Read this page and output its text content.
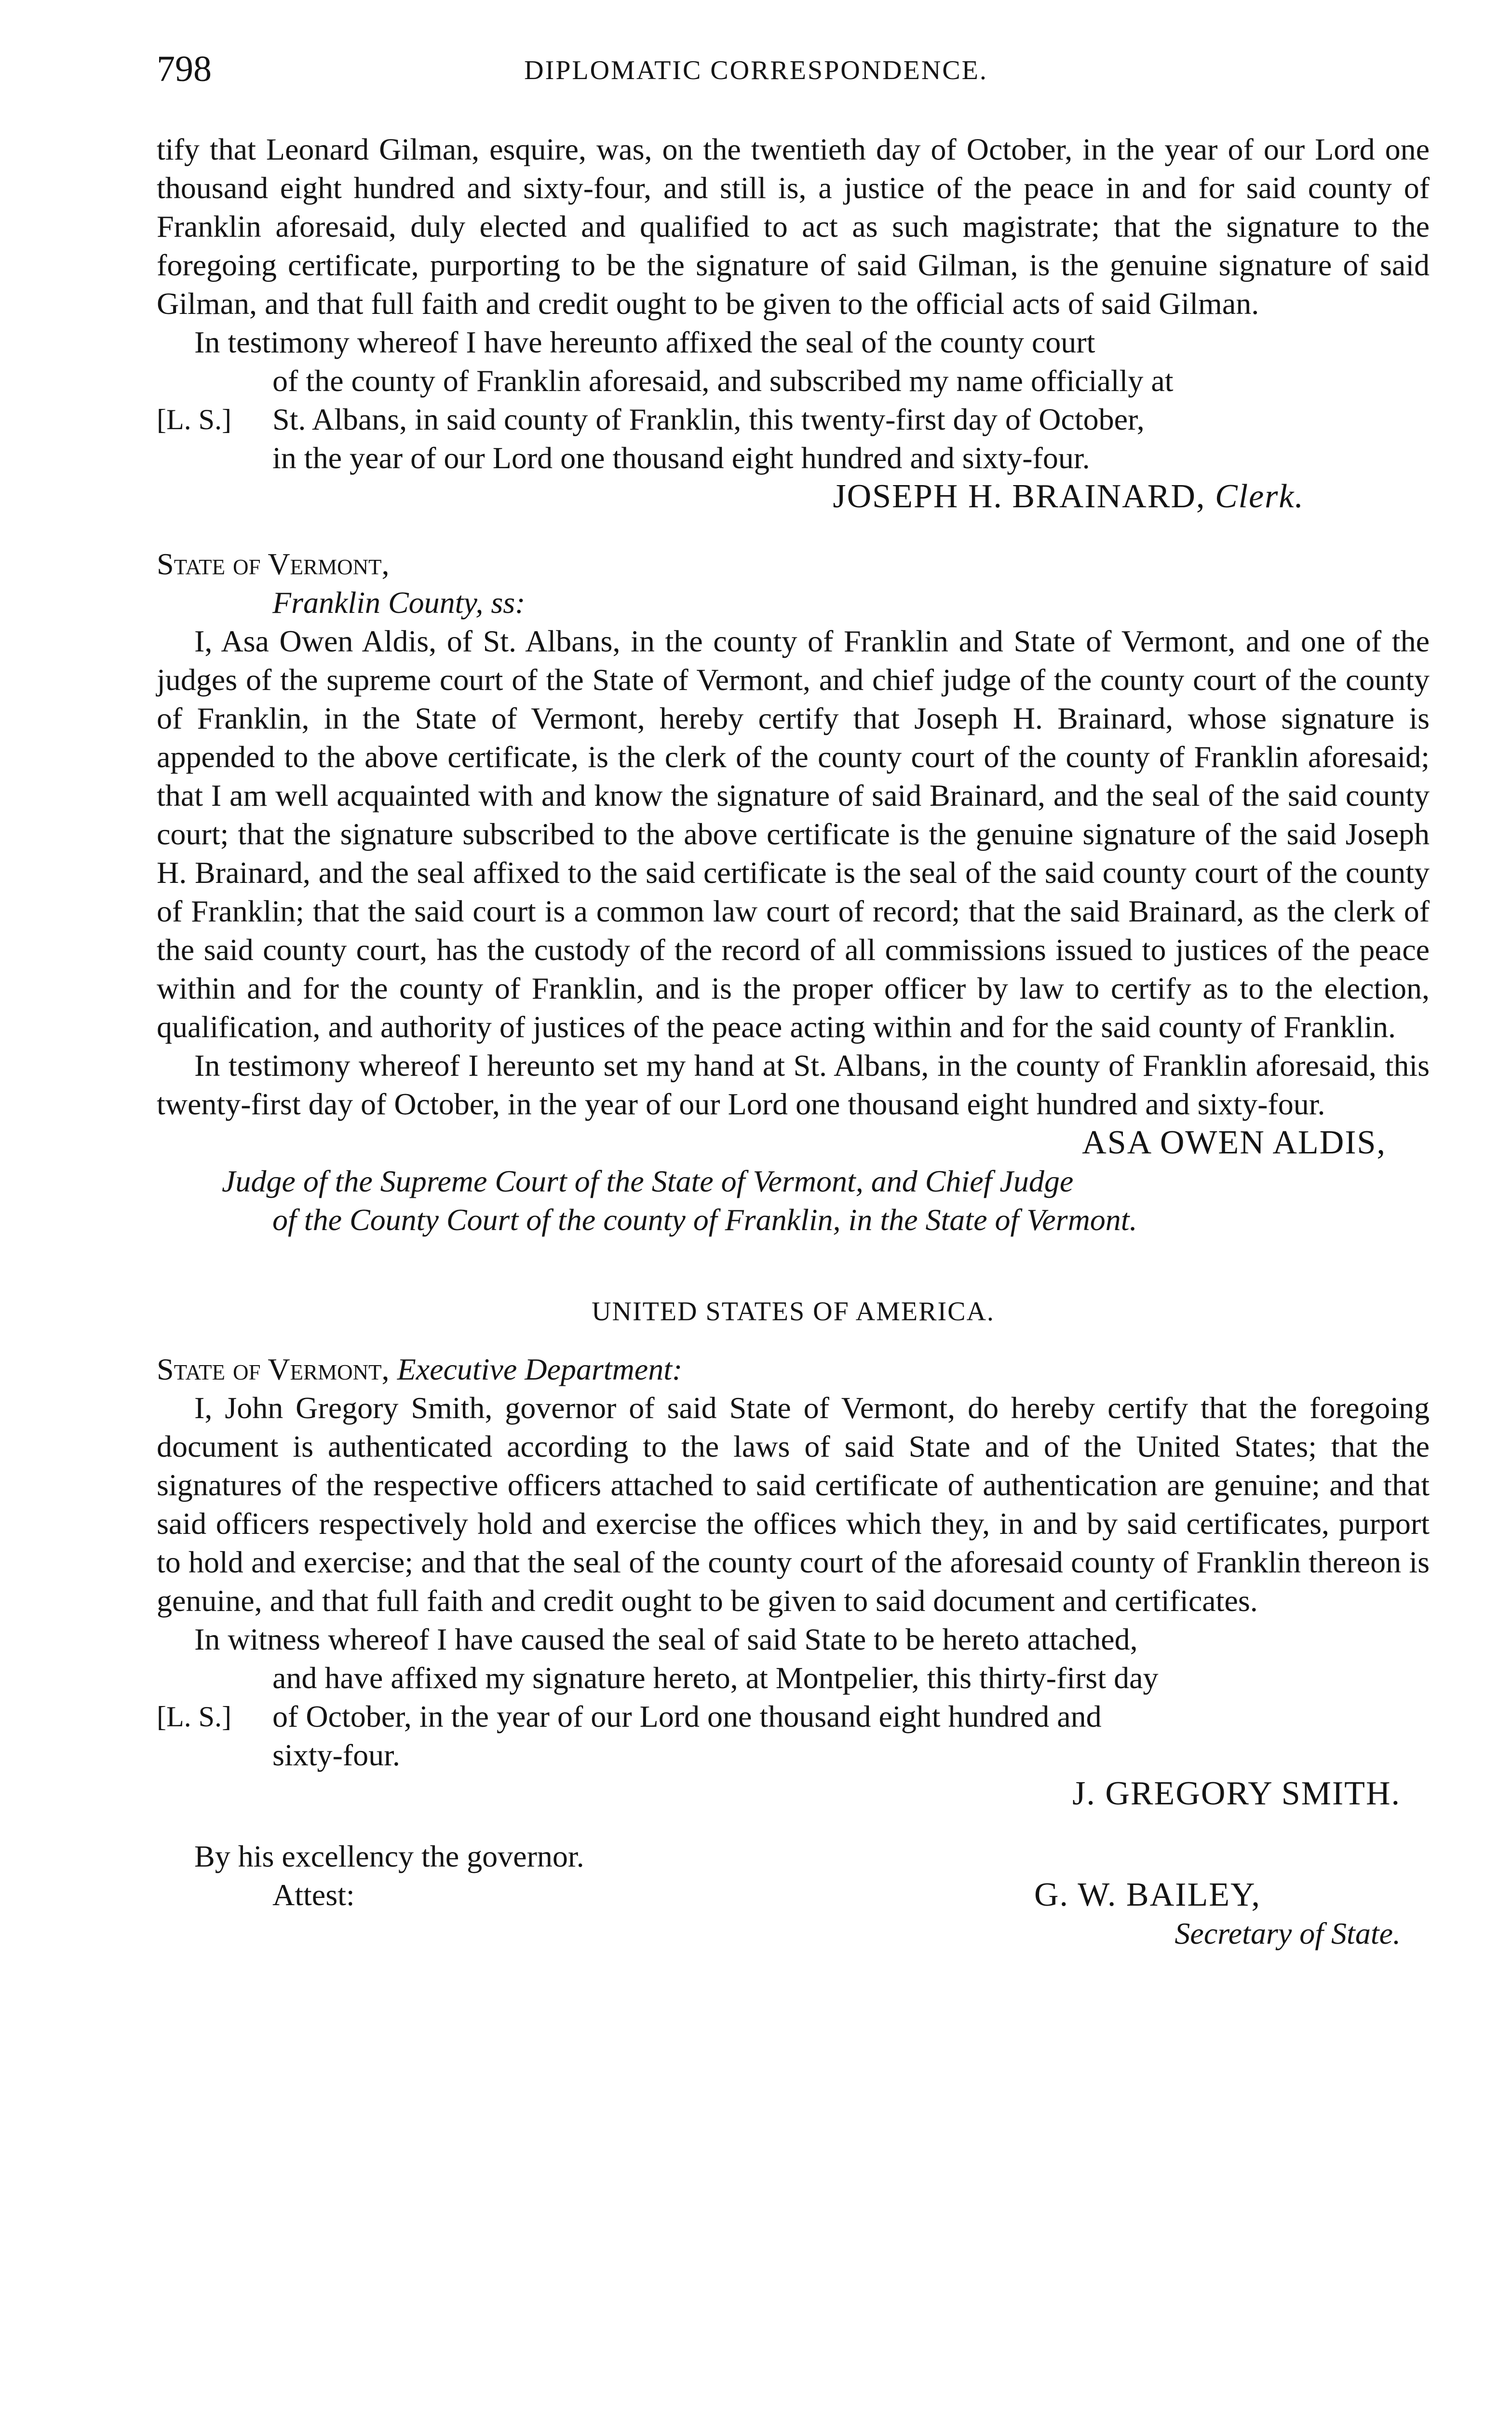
798	DIPLOMATIC CORRESPONDENCE.

tify that Leonard Gilman, esquire, was, on the twentieth day of October, in the year of our Lord one thousand eight hundred and sixty-four, and still is, a justice of the peace in and for said county of Franklin aforesaid, duly elected and qualified to act as such magistrate; that the signature to the foregoing certificate, purporting to be the signature of said Gilman, is the genuine signature of said Gilman, and that full faith and credit ought to be given to the official acts of said Gilman.

In testimony whereof I have hereunto affixed the seal of the county court

of the county of Franklin aforesaid, and subscribed my name officially at

[L. S.]	St. Albans, in said county of Franklin, this twenty-first day of October,

in the year of our Lord one thousand eight hundred and sixty-four.

JOSEPH H. BRAINARD, Clerk.

State of Vermont,

Franklin County, ss:

I, Asa Owen Aldis, of St. Albans, in the county of Franklin and State of Vermont, and one of the judges of the supreme court of the State of Vermont, and chief judge of the county court of the county of Franklin, in the State of Vermont, hereby certify that Joseph H. Brainard, whose signature is appended to the above certificate, is the clerk of the county court of the county of Franklin aforesaid; that I am well acquainted with and know the signature of said Brainard, and the seal of the said county court; that the signature subscribed to the above certificate is the genuine signature of the said Joseph H. Brainard, and the seal affixed to the said certificate is the seal of the said county court of the county of Franklin; that the said court is a common law court of record; that the said Brainard, as the clerk of the said county court, has the custody of the record of all commissions issued to justices of the peace within and for the county of Franklin, and is the proper officer by law to certify as to the election, qualification, and authority of justices of the peace acting within and for the said county of Franklin.

In testimony whereof I hereunto set my hand at St. Albans, in the county of Franklin aforesaid, this twenty-first day of October, in the year of our Lord one thousand eight hundred and sixty-four.

ASA OWEN ALDIS,

Judge of the Supreme Court of the State of Vermont, and Chief Judge

of the County Court of the county of Franklin, in the State of Vermont.

UNITED STATES OF AMERICA.

State of Vermont, Executive Department:

I, John Gregory Smith, governor of said State of Vermont, do hereby certify that the foregoing document is authenticated according to the laws of said State and of the United States; that the signatures of the respective officers attached to said certificate of authentication are genuine; and that said officers respectively hold and exercise the offices which they, in and by said certificates, purport to hold and exercise; and that the seal of the county court of the aforesaid county of Franklin thereon is genuine, and that full faith and credit ought to be given to said document and certificates.

In witness whereof I have caused the seal of said State to be hereto attached,

and have affixed my signature hereto, at Montpelier, this thirty-first day

[L. S.]	of October, in the year of our Lord one thousand eight hundred and

sixty-four.

J. GREGORY SMITH.

By his excellency the governor.

Attest:	G. W. BAILEY,
Secretary of State.
